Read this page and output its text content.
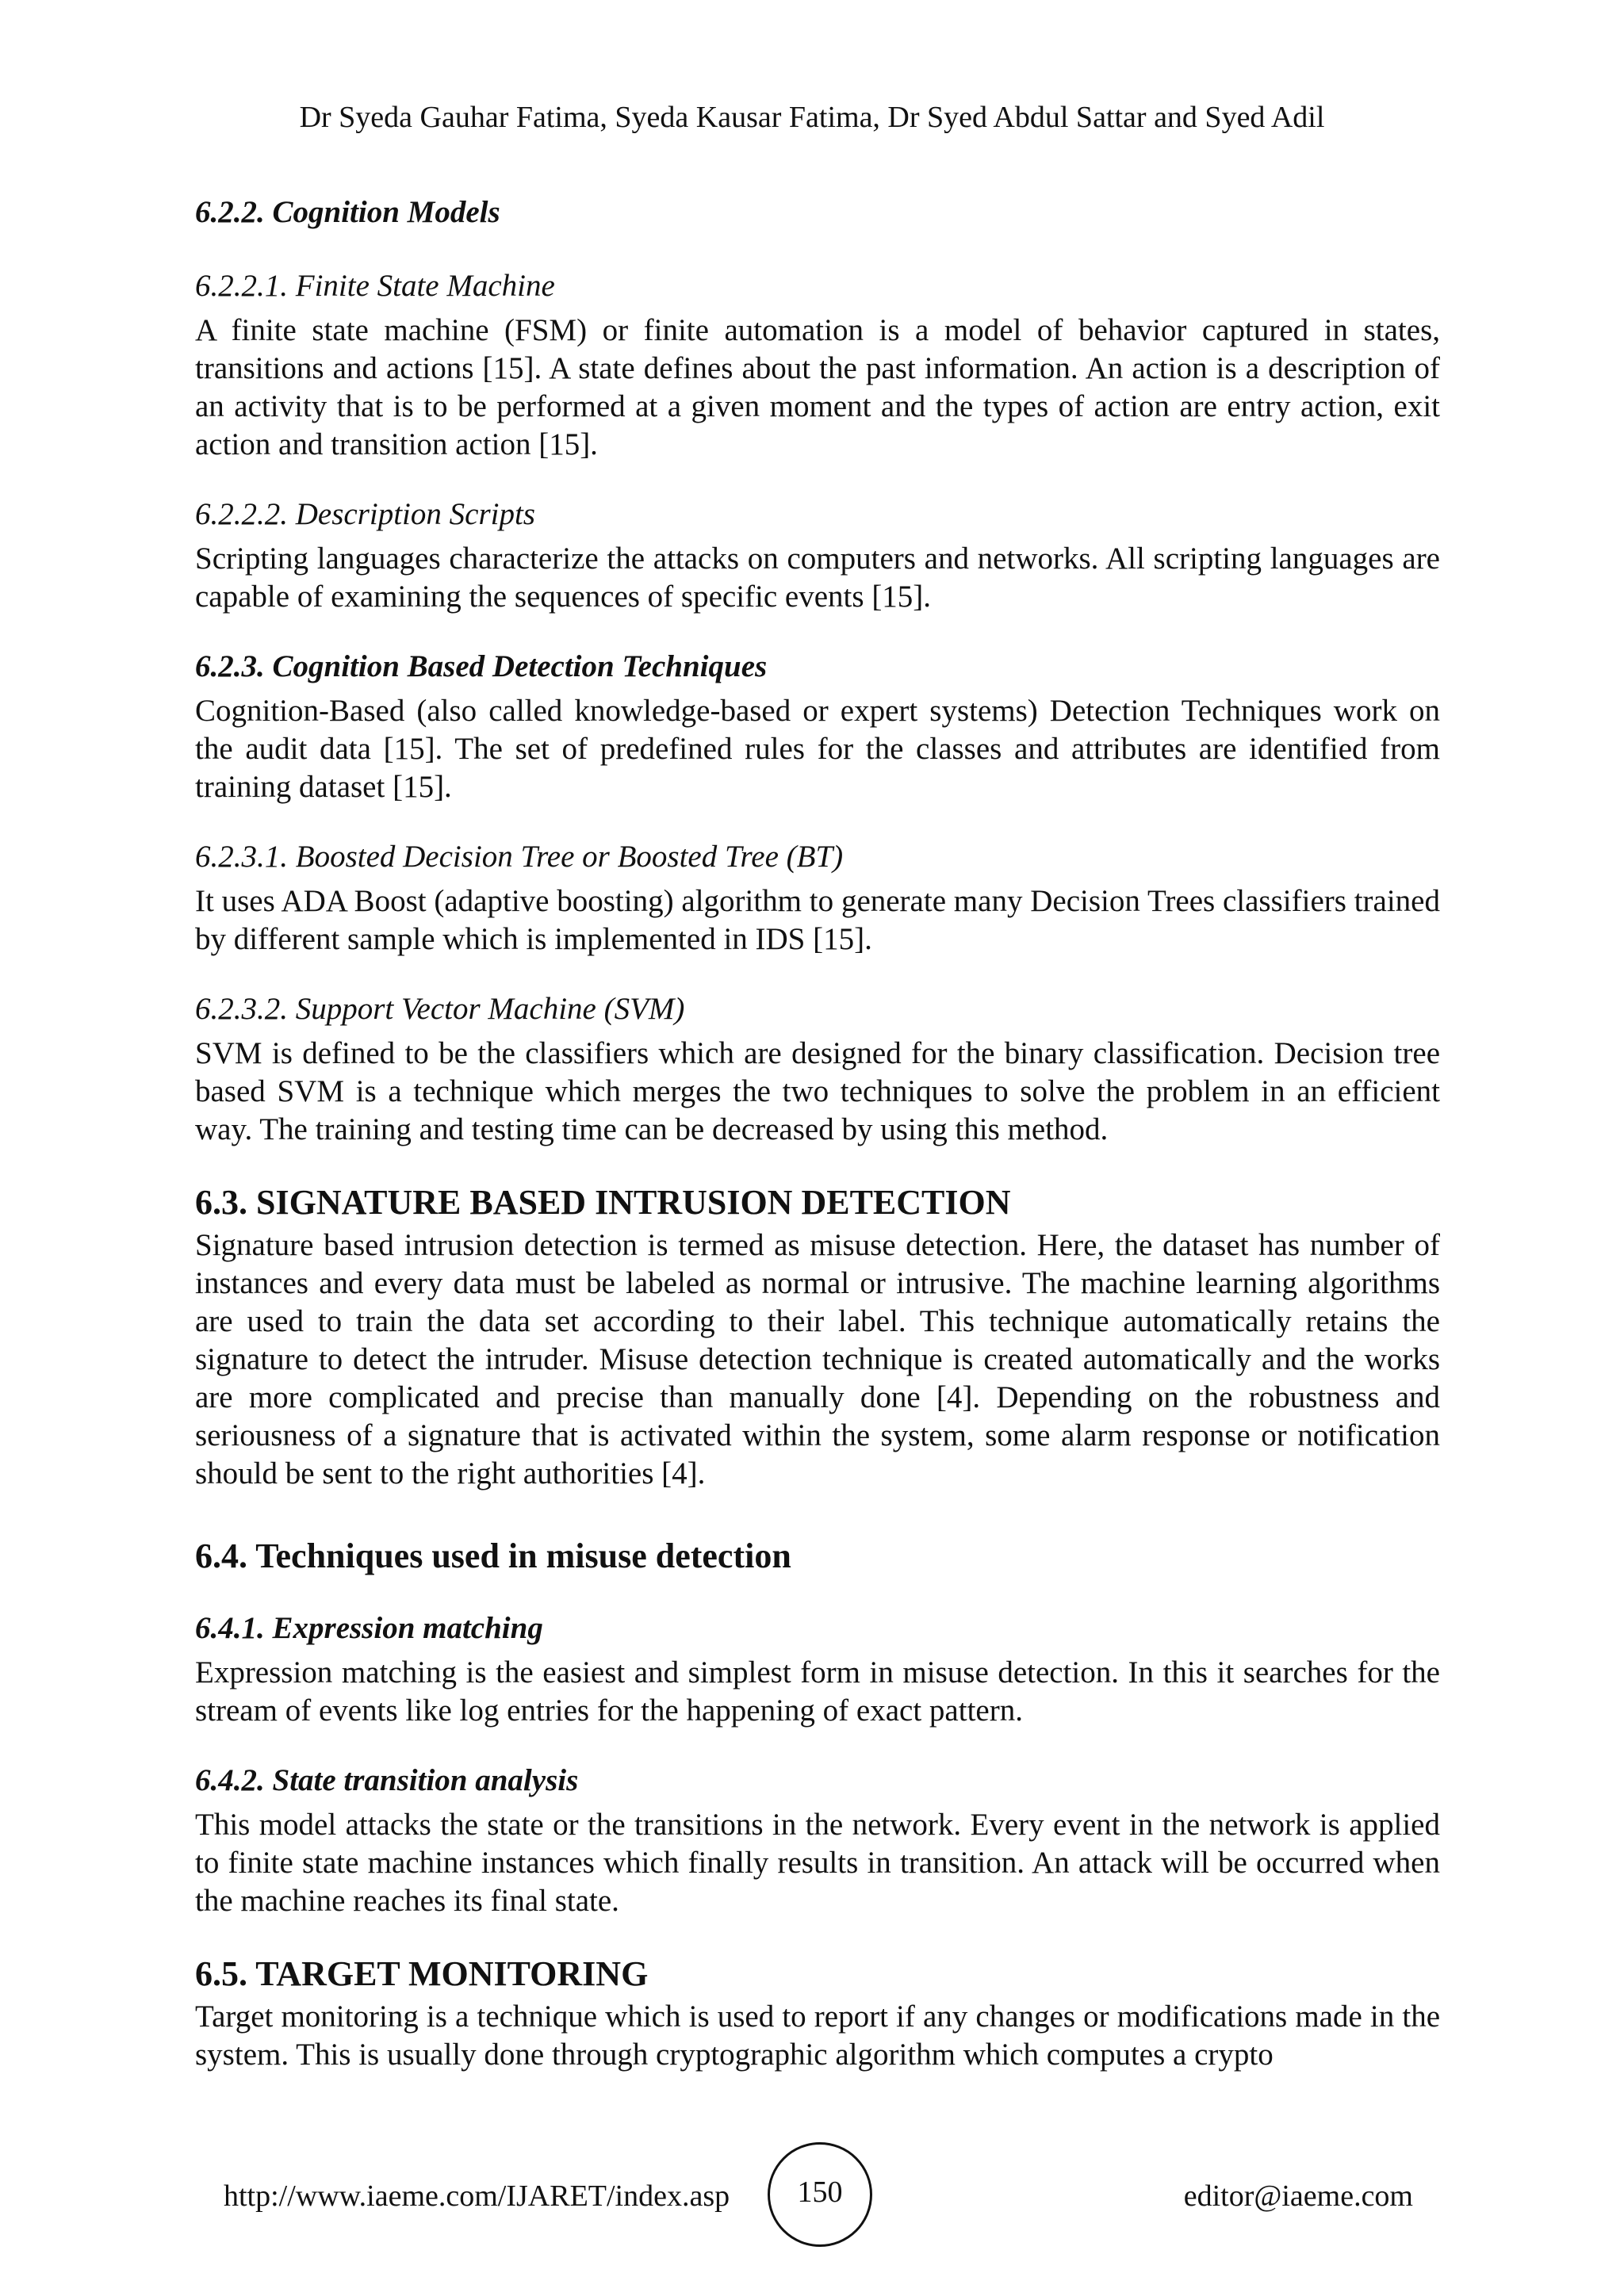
Dr Syeda Gauhar Fatima, Syeda Kausar Fatima, Dr Syed Abdul Sattar and Syed Adil
6.2.2. Cognition Models
6.2.2.1. Finite State Machine

A finite state machine (FSM) or finite automation is a model of behavior captured in states, transitions and actions [15]. A state defines about the past information. An action is a description of an activity that is to be performed at a given moment and the types of action are entry action, exit action and transition action [15].

6.2.2.2. Description Scripts

Scripting languages characterize the attacks on computers and networks. All scripting languages are capable of examining the sequences of specific events [15].

6.2.3. Cognition Based Detection Techniques

Cognition-Based (also called knowledge-based or expert systems) Detection Techniques work on the audit data [15]. The set of predefined rules for the classes and attributes are identified from training dataset [15].

6.2.3.1. Boosted Decision Tree or Boosted Tree (BT)

It uses ADA Boost (adaptive boosting) algorithm to generate many Decision Trees classifiers trained by different sample which is implemented in IDS [15].

6.2.3.2. Support Vector Machine (SVM)

SVM is defined to be the classifiers which are designed for the binary classification. Decision tree based SVM is a technique which merges the two techniques to solve the problem in an efficient way. The training and testing time can be decreased by using this method.

6.3. SIGNATURE BASED INTRUSION DETECTION

Signature based intrusion detection is termed as misuse detection. Here, the dataset has number of instances and every data must be labeled as normal or intrusive. The machine learning algorithms are used to train the data set according to their label. This technique automatically retains the signature to detect the intruder. Misuse detection technique is created automatically and the works are more complicated and precise than manually done [4]. Depending on the robustness and seriousness of a signature that is activated within the system, some alarm response or notification should be sent to the right authorities [4].

6.4. Techniques used in misuse detection
6.4.1. Expression matching

Expression matching is the easiest and simplest form in misuse detection. In this it searches for the stream of events like log entries for the happening of exact pattern.

6.4.2. State transition analysis

This model attacks the state or the transitions in the network. Every event in the network is applied to finite state machine instances which finally results in transition. An attack will be occurred when the machine reaches its final state.

6.5. TARGET MONITORING

Target monitoring is a technique which is used to report if any changes or modifications made in the system. This is usually done through cryptographic algorithm which computes a crypto

http://www.iaeme.com/IJARET/index.asp	150	editor@iaeme.com
